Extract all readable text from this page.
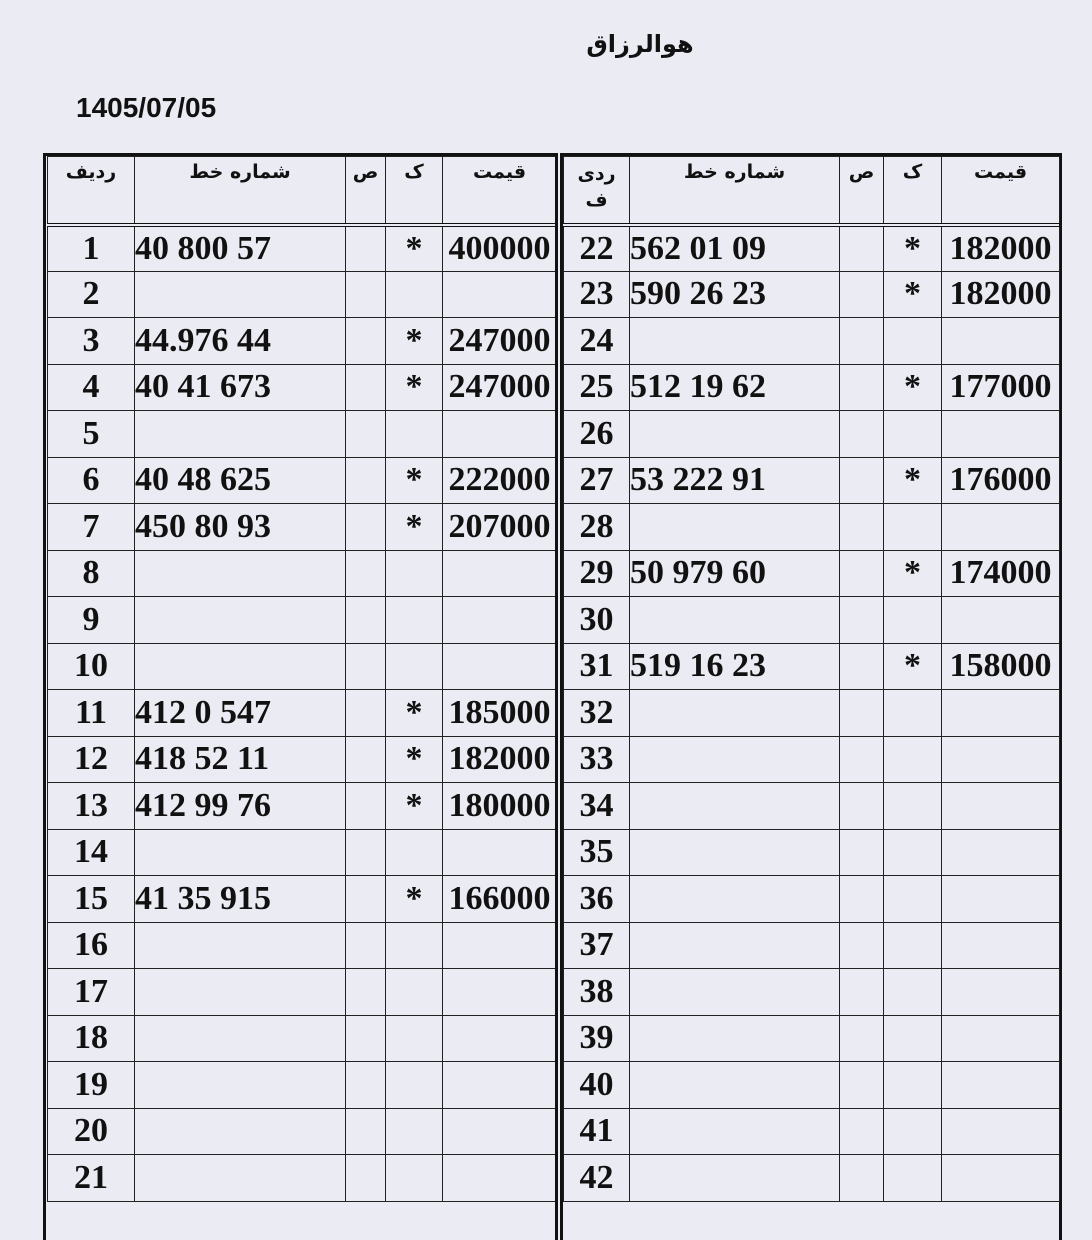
هوالرزاق
1405/07/05
ردیف	شماره خط	ص	ک	قیمت
1	40 800 57		*	400000
2				
3	44.976 44		*	247000
4	40 41 673		*	247000
5				
6	40 48 625		*	222000
7	450 80 93		*	207000
8				
9				
10				
11	412 0 547		*	185000
12	418 52 11		*	182000
13	412 99 76		*	180000
14				
15	41 35 915		*	166000
16				
17				
18				
19				
20				
21				
ردی
ف	شماره خط	ص	ک	قیمت
22	562 01 09		*	182000
23	590 26 23		*	182000
24				
25	512 19 62		*	177000
26				
27	53 222 91		*	176000
28				
29	50 979 60		*	174000
30				
31	519 16 23		*	158000
32				
33				
34				
35				
36				
37				
38				
39				
40				
41				
42				
